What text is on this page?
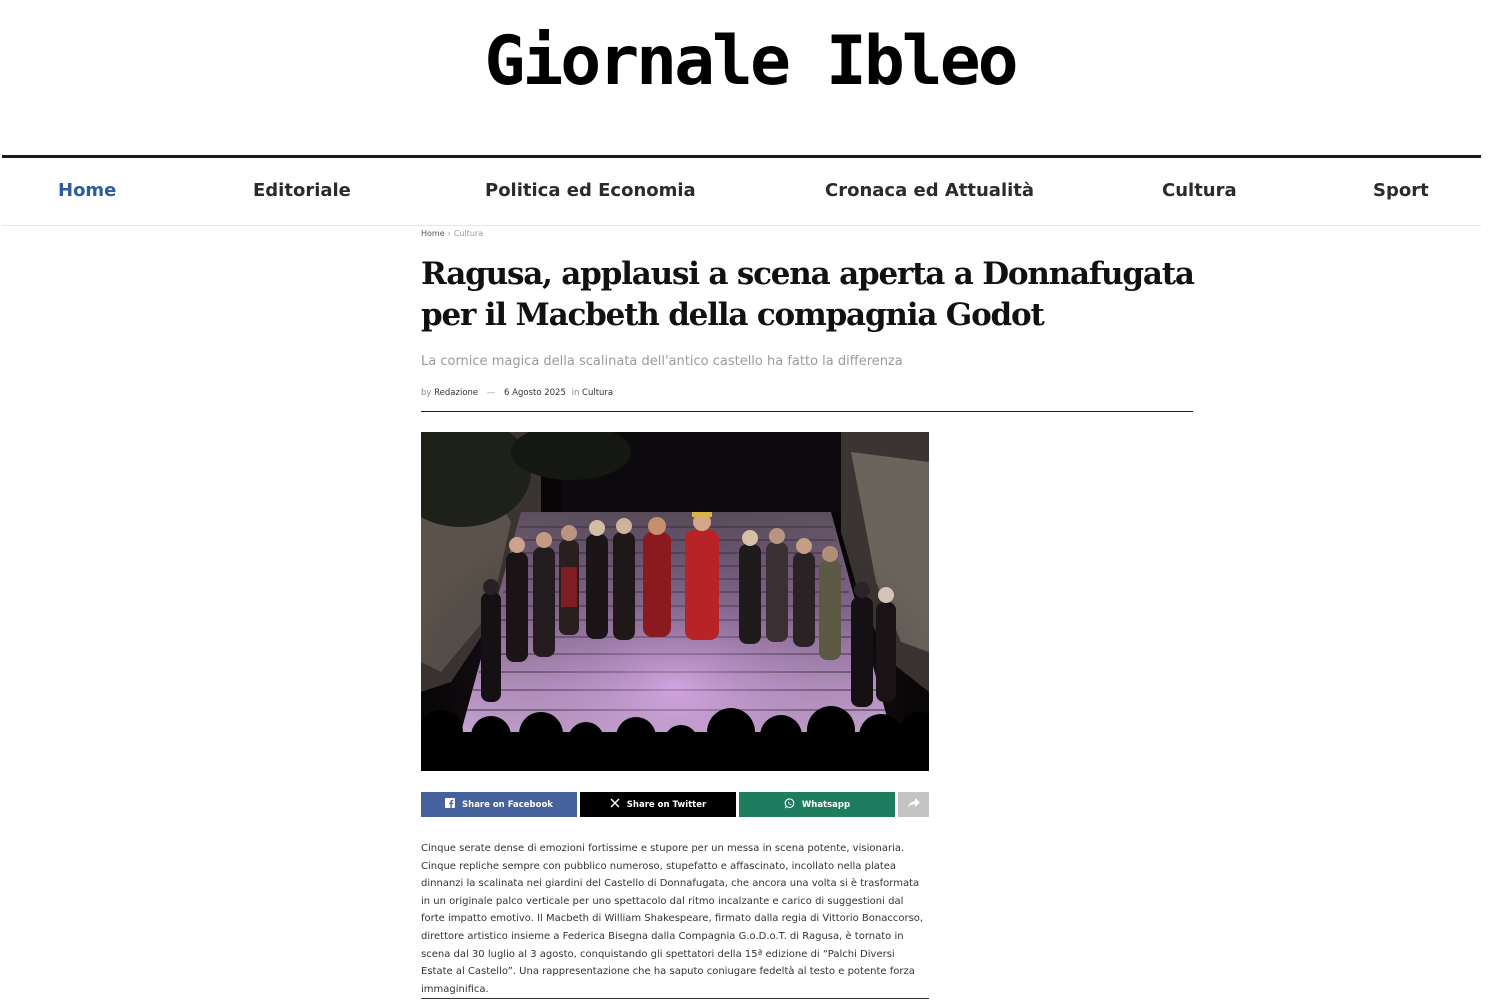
Giornale Ibleo
Home	Editoriale	Politica ed Economia	Cronaca ed Attualità	Cultura	Sport
Home › Cultura
Ragusa, applausi a scena aperta a Donnafugata per il Macbeth della compagnia Godot
La cornice magica della scalinata dell'antico castello ha fatto la differenza
by Redazione — 6 Agosto 2025 in Cultura
Share on Facebook	Share on Twitter	Whatsapp

Cinque serate dense di emozioni fortissime e stupore per un messa in scena potente, visionaria. Cinque repliche sempre con pubblico numeroso, stupefatto e affascinato, incollato nella platea dinnanzi la scalinata nei giardini del Castello di Donnafugata, che ancora una volta si è trasformata in un originale palco verticale per uno spettacolo dal ritmo incalzante e carico di suggestioni dal forte impatto emotivo. Il Macbeth di William Shakespeare, firmato dalla regia di Vittorio Bonaccorso, direttore artistico insieme a Federica Bisegna dalla Compagnia G.o.D.o.T. di Ragusa, è tornato in scena dal 30 luglio al 3 agosto, conquistando gli spettatori della 15ª edizione di “Palchi Diversi Estate al Castello”. Una rappresentazione che ha saputo coniugare fedeltà al testo e potente forza immaginifica.
